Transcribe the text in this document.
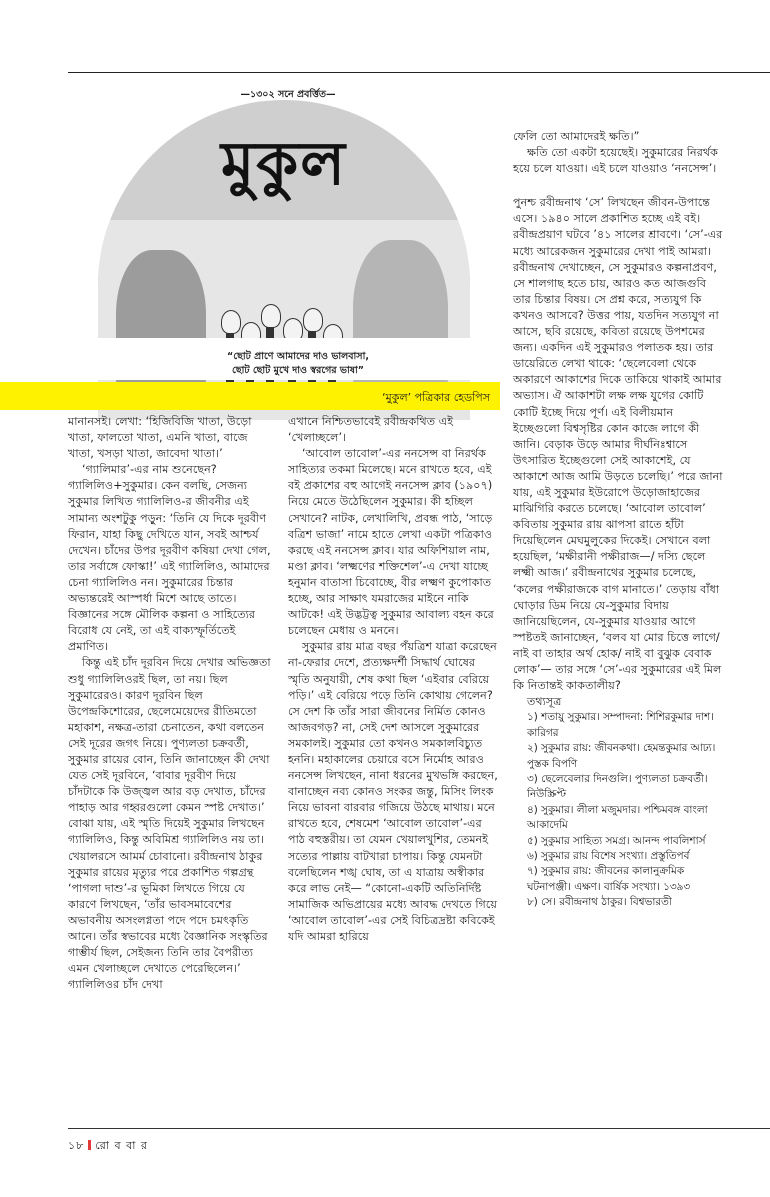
—১৩০২ সনে প্রবর্ত্তিত—
মুকুল
“ছোট প্রাণে আমাদের দাও ভালবাসা,
ছোট ছোট মুখে দাও স্বরগের ভাষা”
‘মুকুল’ পত্রিকার হেডপিস

মানানসই। লেখা: ‘হিজিবিজি খাতা, উড়ো খাতা, ফালতো খাতা, এমনি খাতা, বাজে খাতা, খসড়া খাতা, জাবেদা খাতা।’

‘গ্যালিমার’-এর নাম শুনেছেন? গ্যালিলিও+সুকুমার। কেন বলছি, সেজন্য সুকুমার লিখিত গ্যালিলিও-র জীবনীর এই সামান্য অংশটুকু পড়ুন: ‘তিনি যে দিকে দূরবীণ ফিরান, যাহা কিছু দেখিতে যান, সবই আশ্চর্য দেখেন। চাঁদের উপর দূরবীণ কষিয়া দেখা গেল, তার সর্বাঙ্গে ফোস্কা!’ এই গ্যালিলিও, আমাদের চেনা গ্যালিলিও নন। সুকুমারের চিন্তার অভ্যন্তরেই আস্পর্ধা মিশে আছে তাতে। বিজ্ঞানের সঙ্গে মৌলিক কল্পনা ও সাহিত্যের বিরোধ যে নেই, তা এই বাক্যস্ফূর্তিতেই প্রমাণিত।

কিন্তু এই চাঁদ দূরবিন দিয়ে দেখার অভিজ্ঞতা শুধু গ্যালিলিওরই ছিল, তা নয়। ছিল সুকুমারেরও। কারণ দূরবিন ছিল উপেন্দ্রকিশোরের, ছেলেমেয়েদের রীতিমতো মহাকাশ, নক্ষত্র-তারা চেনাতেন, কথা বলতেন সেই দূরের জগৎ নিয়ে। পুণ্যলতা চক্রবর্তী, সুকুমার রায়ের বোন, তিনি জানাচ্ছেন কী দেখা যেত সেই দূরবিনে, ‘বাবার দূরবীণ দিয়ে চাঁদটাকে কি উজ্জ্বল আর বড় দেখাত, চাঁদের পাহাড় আর গহ্বরগুলো কেমন স্পষ্ট দেখাত।’ বোঝা যায়, এই স্মৃতি দিয়েই সুকুমার লিখছেন গ্যালিলিও, কিন্তু অবিমিশ্র গ্যালিলিও নয় তা। খেয়ালরসে আমর্ম চোবানো। রবীন্দ্রনাথ ঠাকুর সুকুমার রায়ের মৃত্যুর পরে প্রকাশিত গল্পগ্রন্থ ‘পাগলা দাশু’-র ভূমিকা লিখতে গিয়ে যে কারণে লিখছেন, ‘তাঁর ভাবসমাবেশের অভাবনীয় অসংলগ্নতা পদে পদে চমৎকৃতি আনে। তাঁর স্বভাবের মধ্যে বৈজ্ঞানিক সংস্কৃতির গাম্ভীর্য ছিল, সেইজন্য তিনি তার বৈপরীত্য এমন খেলাচ্ছলে দেখাতে পেরেছিলেন।’ গ্যালিলিওর চাঁদ দেখা

এখানে নিশ্চিতভাবেই রবীন্দ্রকথিত এই ‘খেলাচ্ছলে’।

‘আবোল তাবোল’-এর ননসেন্স বা নিরর্থক সাহিত্যর তকমা মিলেছে। মনে রাখতে হবে, এই বই প্রকাশের বহু আগেই ননসেন্স ক্লাব (১৯০৭) নিয়ে মেতে উঠেছিলেন সুকুমার। কী হচ্ছিল সেখানে? নাটক, লেখালিখি, প্রবন্ধ পাঠ, ‘সাড়ে বত্রিশ ভাজা’ নামে হাতে লেখা একটা পত্রিকাও করছে এই ননসেন্স ক্লাব। যার অফিশিয়াল নাম, মণ্ডা ক্লাব। ‘লক্ষ্মণের শক্তিশেল’-এ দেখা যাচ্ছে হনুমান বাতাসা চিবোচ্ছে, বীর লক্ষ্মণ কুপোকাত হচ্ছে, আর সাক্ষাৎ যমরাজের মাইনে নাকি আটকে! এই উদ্ভট্টত্ব সুকুমার আবাল্য বহন করে চলেছেন মেধায় ও মননে।

সুকুমার রায় মাত্র বছর পঁয়ত্রিশ যাত্রা করেছেন না-ফেরার দেশে, প্রত্যক্ষদর্শী সিদ্ধার্থ ঘোষের স্মৃতি অনুযায়ী, শেষ কথা ছিল ‘এইবার বেরিয়ে পড়ি।’ এই বেরিয়ে পড়ে তিনি কোথায় গেলেন? সে দেশ কি তাঁর সারা জীবনের নির্মিত কোনও আজবগড়? না, সেই দেশ আসলে সুকুমারের সমকালই। সুকুমার তো কখনও সমকালবিচ্যুত হননি। মহাকালের চেয়ারে বসে নির্মোহ আরও ননসেন্স লিখছেন, নানা ধরনের মুখভঙ্গি করছেন, বানাচ্ছেন নব্য কোনও সংকর জন্তু, মিসিং লিংক নিয়ে ভাবনা বারবার গজিয়ে উঠছে মাথায়। মনে রাখতে হবে, শেষমেশ ‘আবোল তাবোল’-এর পাঠ বহুস্তরীয়। তা যেমন খেয়ালখুশির, তেমনই সত্যের পাল্লায় বাটখারা চাপায়। কিন্তু যেমনটা বলেছিলেন শঙ্খ ঘোষ, তা এ যাত্রায় অস্বীকার করে লাভ নেই— “কোনো-একটি অতিনির্দিষ্ট সামাজিক অভিপ্রায়ের মধ্যে আবদ্ধ দেখতে গিয়ে ‘আবোল তাবোল’-এর সেই বিচিত্রদ্রষ্টা কবিকেই যদি আমরা হারিয়ে

ফেলি তো আমাদেরই ক্ষতি।”

ক্ষতি তো একটা হয়েছেই। সুকুমারের নিরর্থক হয়ে চলে যাওয়া। এই চলে যাওয়াও ‘ননসেন্স’।

পুনশ্চ রবীন্দ্রনাথ ‘সে’ লিখছেন জীবন-উপান্তে এসে। ১৯৪০ সালে প্রকাশিত হচ্ছে এই বই। রবীন্দ্রপ্রয়াণ ঘটবে ’৪১ সালের শ্রাবণে। ‘সে’-এর মধ্যে আরেকজন সুকুমারের দেখা পাই আমরা। রবীন্দ্রনাথ দেখাচ্ছেন, সে সুকুমারও কল্পনাপ্রবণ, সে শালগাছ হতে চায়, আরও কত আজগুবি তার চিন্তার বিষয়। সে প্রশ্ন করে, সত্যযুগ কি কখনও আসবে? উত্তর পায়, যতদিন সত্যযুগ না আসে, ছবি রয়েছে, কবিতা রয়েছে উপশমের জন্য। একদিন এই সুকুমারও পলাতক হয়। তার ডায়েরিতে লেখা থাকে: ‘ছেলেবেলা থেকে অকারণে আকাশের দিকে তাকিয়ে থাকাই আমার অভ্যাস। ঐ আকাশটা লক্ষ লক্ষ যুগের কোটি কোটি ইচ্ছে দিয়ে পূর্ণ। এই বিলীয়মান ইচ্ছেগুলো বিশ্বসৃষ্টির কোন কাজে লাগে কী জানি। বেড়াক উড়ে আমার দীর্ঘনিঃশ্বাসে উৎসারিত ইচ্ছেগুলো সেই আকাশেই, যে আকাশে আজ আমি উড়তে চলেছি।’ পরে জানা যায়, এই সুকুমার ইউরোপে উড়োজাহাজের মাঝিগিরি করতে চলেছে। ‘আবোল তাবোল’ কবিতায় সুকুমার রায় ঝাপসা রাতে হাঁটা দিয়েছিলেন মেঘমুলুকের দিকেই। সেখানে বলা হয়েছিল, ‘মক্ষীরানী পক্ষীরাজ—/ দস্যি ছেলে লক্ষ্মী আজ।’ রবীন্দ্রনাথের সুকুমার চলেছে, ‘কলের পক্ষীরাজকে বাগ মানাতে।’ তেড়ায় বাঁধা ঘোড়ার ডিম নিয়ে যে-সুকুমার বিদায় জানিয়েছিলেন, যে-সুকুমার যাওয়ার আগে স্পষ্টতই জানাচ্ছেন, ‘বলব যা মোর চিত্তে লাগে/ নাই বা তাহার অর্থ হোক/ নাই বা বুঝুক বেবাক লোক’— তার সঙ্গে ‘সে’-এর সুকুমারের এই মিল কি নিতান্তই কাকতালীয়?

তথ্যসূত্র

১) শতায়ু সুকুমার। সম্পাদনা: শিশিরকুমার দাশ। কারিগর

২) সুকুমার রায়: জীবনকথা। হেমন্তকুমার আঢ্য। পুস্তক বিপণি

৩) ছেলেবেলার দিনগুলি। পুণ্যলতা চক্রবর্তী। নিউস্ক্রিপ্ট

৪) সুকুমার। লীলা মজুমদার। পশ্চিমবঙ্গ বাংলা আকাদেমি

৫) সুকুমার সাহিত্য সমগ্র। আনন্দ পাবলিশার্স

৬) সুকুমার রায় বিশেষ সংখ্যা। প্রস্তুতিপর্ব

৭) সুকুমার রায়: জীবনের কালানুক্রমিক ঘটনাপঞ্জী। এক্ষণ। বার্ষিক সংখ্যা। ১৩৯৩

৮) সে। রবীন্দ্রনাথ ঠাকুর। বিশ্বভারতী

১৮ রো ব বা র
